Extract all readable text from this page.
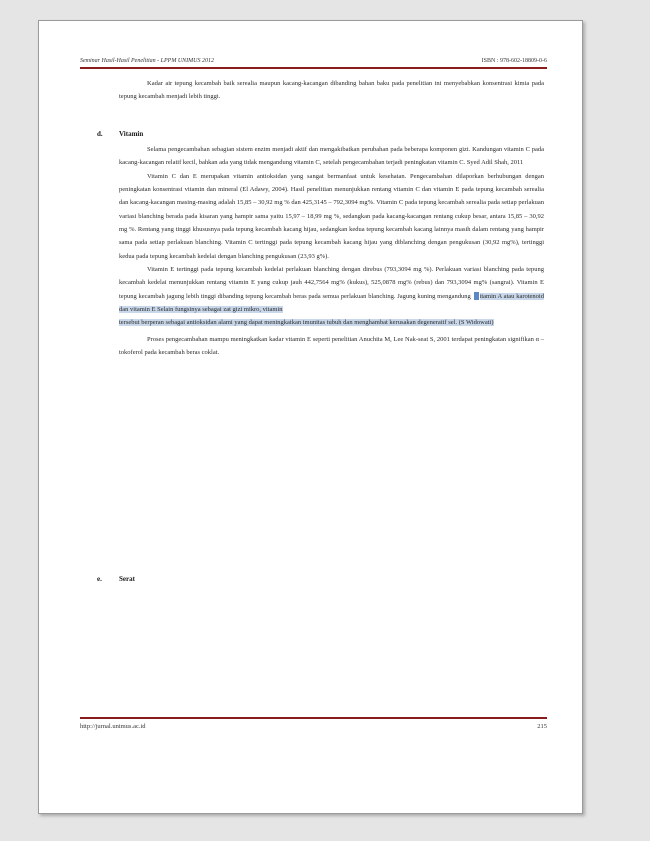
Seminar Hasil-Hasil Penelitian - LPPM UNIMUS 2012	ISBN : 978-602-18809-0-6

Kadar air tepung kecambah baik serealia maupun kacang-kacangan dibanding bahan baku pada penelitian ini menyebabkan konsentrasi kimia pada tepung kecambah menjadi lebih tinggi.

d. Vitamin

Selama pengecambahan sebagian sistem enzim menjadi aktif dan mengakibatkan perubahan pada beberapa komponen gizi. Kandungan vitamin C pada kacang-kacangan relatif kecil, bahkan ada yang tidak mengandung vitamin C, setelah pengecambahan terjadi peningkatan vitamin C. Syed Adil Shah, 2011

Vitamin C dan E merupakan vitamin antioksidan yang sangat bermanfaat untuk kesehatan. Pengecambahan dilaporkan berhubungan dengan peningkatan konsentrasi vitamin dan mineral (El Adawy, 2004). Hasil penelitian menunjukkan rentang vitamin C dan vitamin E pada tepung kecambah serealia dan kacang-kacangan masing-masing adalah 15,85 – 30,92 mg % dan 425,3145 – 792,3094 mg%. Vitamin C pada tepung kecambah serealia pada setiap perlakuan variasi blanching berada pada kisaran yang hampir sama yaitu 15,97 – 18,99 mg %, sedangkan pada kacang-kacangan rentang cukup besar, antara 15,85 – 30,92 mg %. Rentang yang tinggi khususnya pada tepung kecambah kacang hijau, sedangkan kedua tepung kecambah kacang lainnya masih dalam rentang yang hampir sama pada setiap perlakuan blanching. Vitamin C tertinggi pada tepung kecambah kacang hijau yang diblanching dengan pengukusan (30,92 mg%), tertinggi kedua pada tepung kecambah kedelai dengan blanching pengukusan (23,93 g%).

Vitamin E tertinggi pada tepung kecambah kedelai perlakuan blanching dengan direbus (793,3094 mg %). Perlakuan variasi blanching pada tepung kecambah kedelai menunjukkan rentang vitamin E yang cukup jauh 442,7564 mg% (kukus), 525,0878 mg% (rebus) dan 793,3094 mg% (sangrai). Vitamin E tepung kecambah jagung lebih tinggi dibanding tepung kecambah beras pada semua perlakuan blanching. Jagung kuning mengandung itamin A atau karotenoid dan vitamin E Selain fungsinya sebagai zat gizi mikro, vitamin

tersebut berperan sebagai antioksidan alami yang dapat meningkatkan imunitas tubuh dan menghambat kerusakan degeneratif sel. (S Widowati)

Proses pengecambahan mampu meningkatkan kadar vitamin E seperti penelitian Anuchita M, Lee Nak-seat S, 2001 terdapat peningkatan signifikan α – tokoferol pada kecambah beras coklat.

e. Serat
http://jurnal.unimus.ac.id	215
